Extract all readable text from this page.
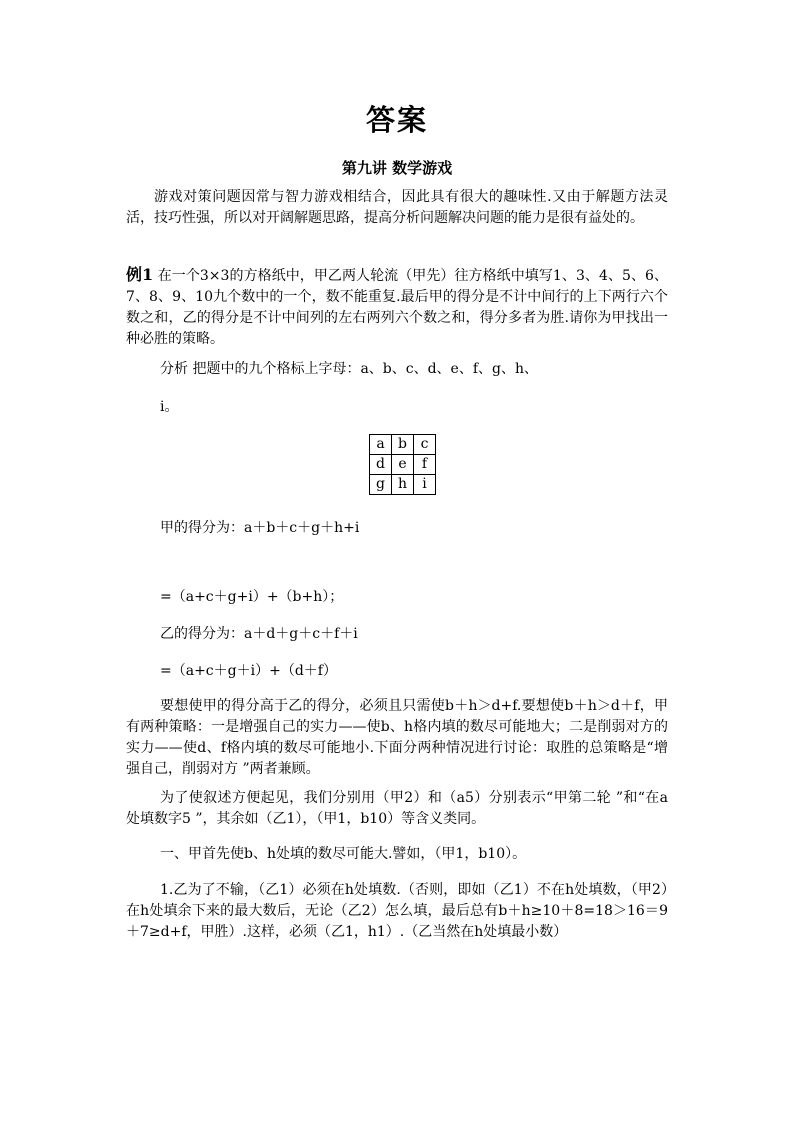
答案
第九讲 数学游戏
游戏对策问题因常与智力游戏相结合，因此具有很大的趣味性.又由于解题方法灵活，技巧性强，所以对开阔解题思路，提高分析问题解决问题的能力是很有益处的。
例1 在一个3×3的方格纸中，甲乙两人轮流（甲先）往方格纸中填写1、3、4、5、6、7、8、9、10九个数中的一个，数不能重复.最后甲的得分是不计中间行的上下两行六个数之和，乙的得分是不计中间列的左右两列六个数之和，得分多者为胜.请你为甲找出一种必胜的策略。
分析 把题中的九个格标上字母：a、b、c、d、e、f、g、h、
i。
a	b	c
d	e	f
g	h	i
甲的得分为：a＋b＋c＋g＋h+i
=（a+c＋g+i）+（b+h）；
乙的得分为：a＋d＋g＋c＋f＋i
=（a+c＋g＋i）+（d＋f）
要想使甲的得分高于乙的得分，必须且只需使b＋h＞d+f.要想使b＋h＞d＋f，甲有两种策略：一是增强自己的实力——使b、h格内填的数尽可能地大；二是削弱对方的实力——使d、f格内填的数尽可能地小.下面分两种情况进行讨论：取胜的总策略是“增强自己，削弱对方 ”两者兼顾。
为了使叙述方便起见，我们分别用（甲2）和（a5）分别表示“甲第二轮 ”和“在a处填数字5 ”，其余如（乙1），（甲1，b10）等含义类同。
一、甲首先使b、h处填的数尽可能大.譬如，（甲1，b10）。
1.乙为了不输，（乙1）必须在h处填数.（否则，即如（乙1）不在h处填数，（甲2）在h处填余下来的最大数后，无论（乙2）怎么填，最后总有b＋h≥10＋8=18＞16＝9＋7≥d+f，甲胜）.这样，必须（乙1，h1）.（乙当然在h处填最小数）
